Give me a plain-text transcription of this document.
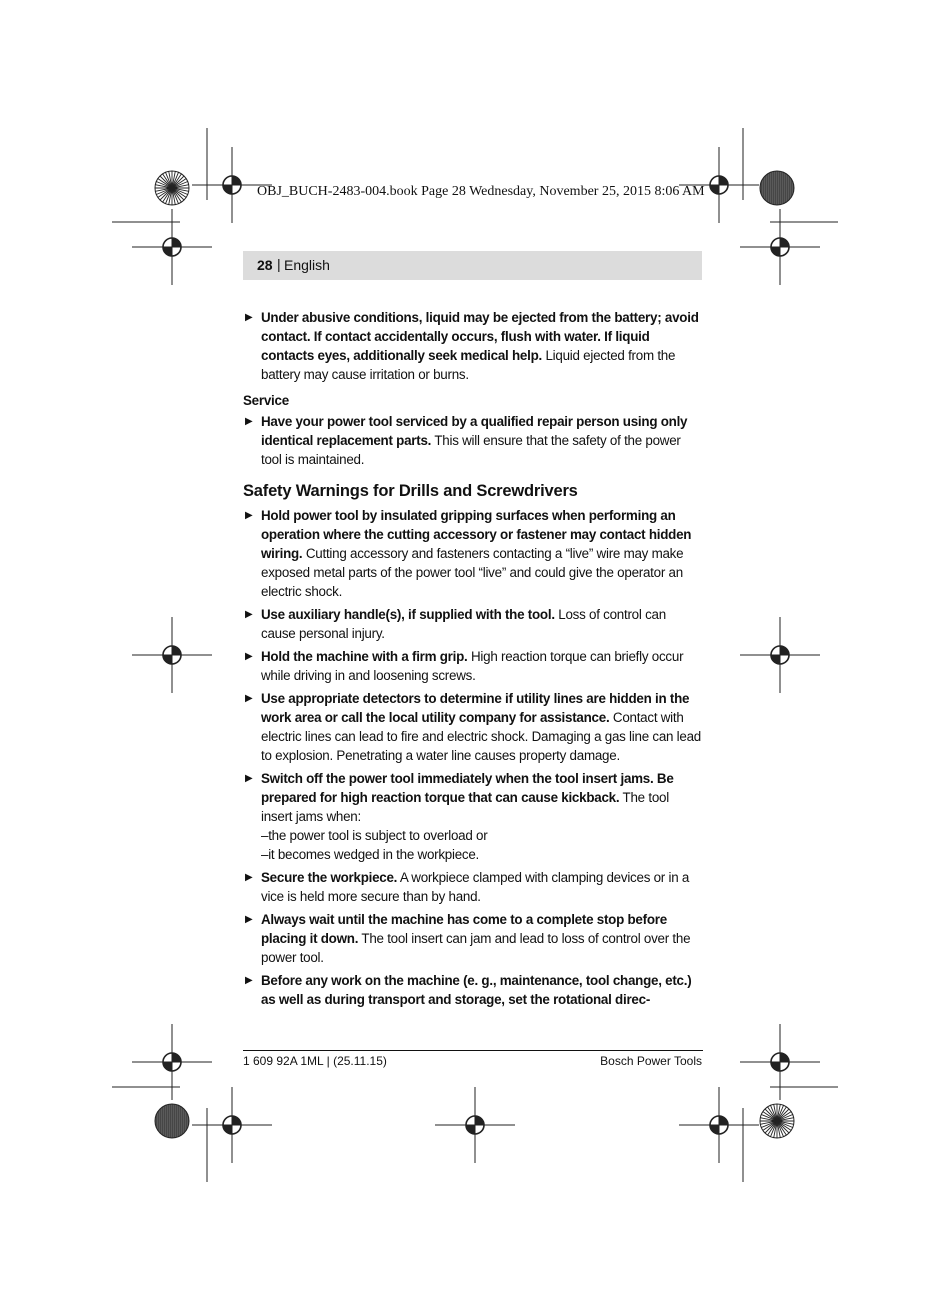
OBJ_BUCH-2483-004.book Page 28 Wednesday, November 25, 2015 8:06 AM
28 | English
▶ Under abusive conditions, liquid may be ejected from the battery; avoid contact. If contact accidentally occurs, flush with water. If liquid contacts eyes, additionally seek medical help. Liquid ejected from the battery may cause irritation or burns.
Service
▶ Have your power tool serviced by a qualified repair person using only identical replacement parts. This will ensure that the safety of the power tool is maintained.
Safety Warnings for Drills and Screwdrivers
▶ Hold power tool by insulated gripping surfaces when performing an operation where the cutting accessory or fastener may contact hidden wiring. Cutting accessory and fasteners contacting a “live” wire may make exposed metal parts of the power tool “live” and could give the operator an electric shock.
▶ Use auxiliary handle(s), if supplied with the tool. Loss of control can cause personal injury.
▶ Hold the machine with a firm grip. High reaction torque can briefly occur while driving in and loosening screws.
▶ Use appropriate detectors to determine if utility lines are hidden in the work area or call the local utility company for assistance. Contact with electric lines can lead to fire and electric shock. Damaging a gas line can lead to explosion. Penetrating a water line causes property damage.
▶ Switch off the power tool immediately when the tool insert jams. Be prepared for high reaction torque that can cause kickback. The tool insert jams when:
–the power tool is subject to overload or
–it becomes wedged in the workpiece.
▶ Secure the workpiece. A workpiece clamped with clamping devices or in a vice is held more secure than by hand.
▶ Always wait until the machine has come to a complete stop before placing it down. The tool insert can jam and lead to loss of control over the power tool.
▶ Before any work on the machine (e. g., maintenance, tool change, etc.) as well as during transport and storage, set the rotational direc-
1 609 92A 1ML | (25.11.15)	Bosch Power Tools
